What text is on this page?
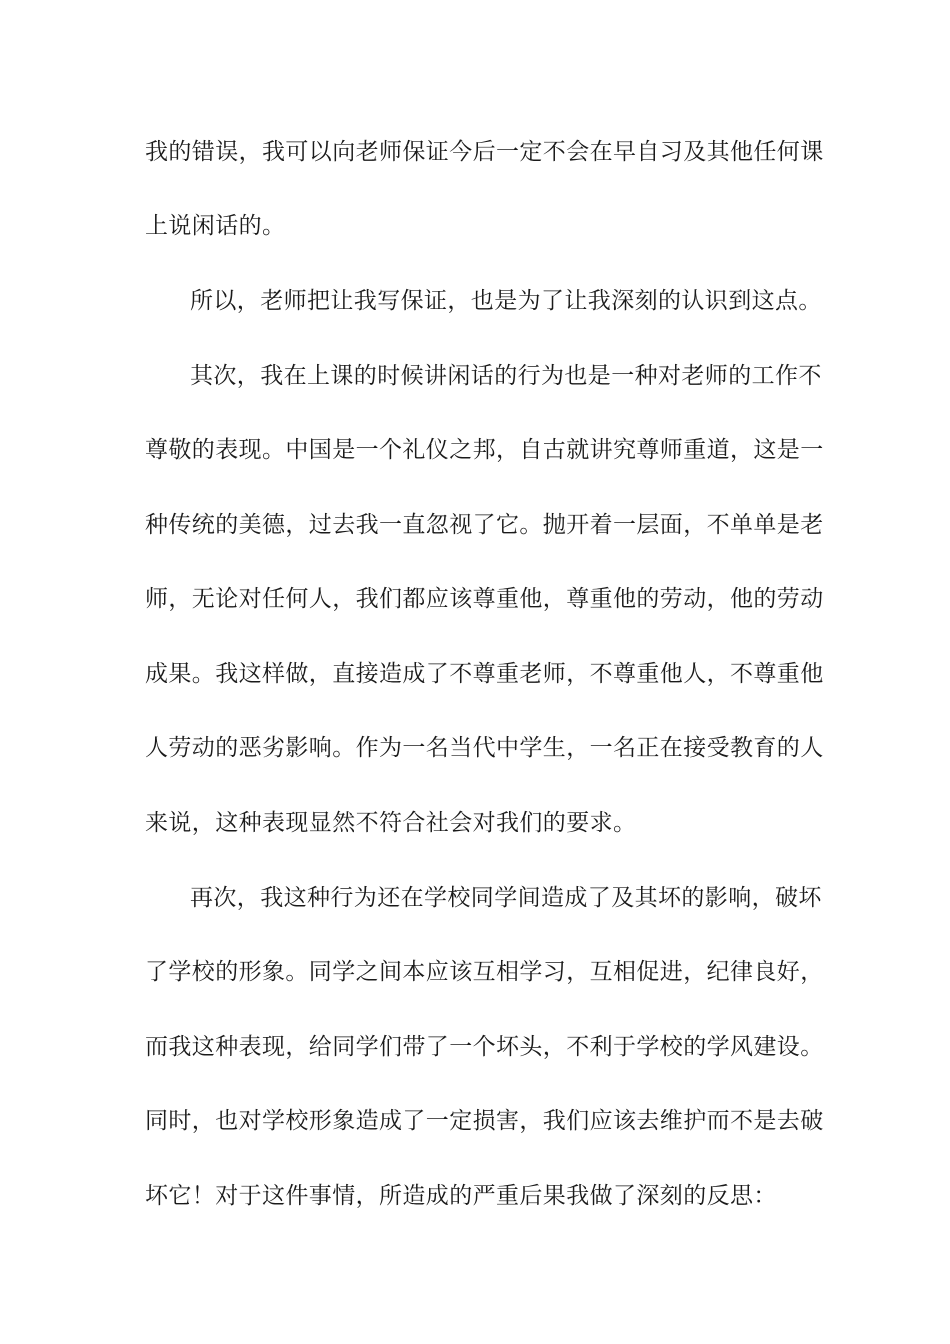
我的错误，我可以向老师保证今后一定不会在早自习及其他任何课
上说闲话的。
所以，老师把让我写保证，也是为了让我深刻的认识到这点。
其次，我在上课的时候讲闲话的行为也是一种对老师的工作不
尊敬的表现。中国是一个礼仪之邦，自古就讲究尊师重道，这是一
种传统的美德，过去我一直忽视了它。抛开着一层面，不单单是老
师，无论对任何人，我们都应该尊重他，尊重他的劳动，他的劳动
成果。我这样做，直接造成了不尊重老师，不尊重他人，不尊重他
人劳动的恶劣影响。作为一名当代中学生，一名正在接受教育的人
来说，这种表现显然不符合社会对我们的要求。
再次，我这种行为还在学校同学间造成了及其坏的影响，破坏
了学校的形象。同学之间本应该互相学习，互相促进，纪律良好，
而我这种表现，给同学们带了一个坏头，不利于学校的学风建设。
同时，也对学校形象造成了一定损害，我们应该去维护而不是去破
坏它！对于这件事情，所造成的严重后果我做了深刻的反思：
